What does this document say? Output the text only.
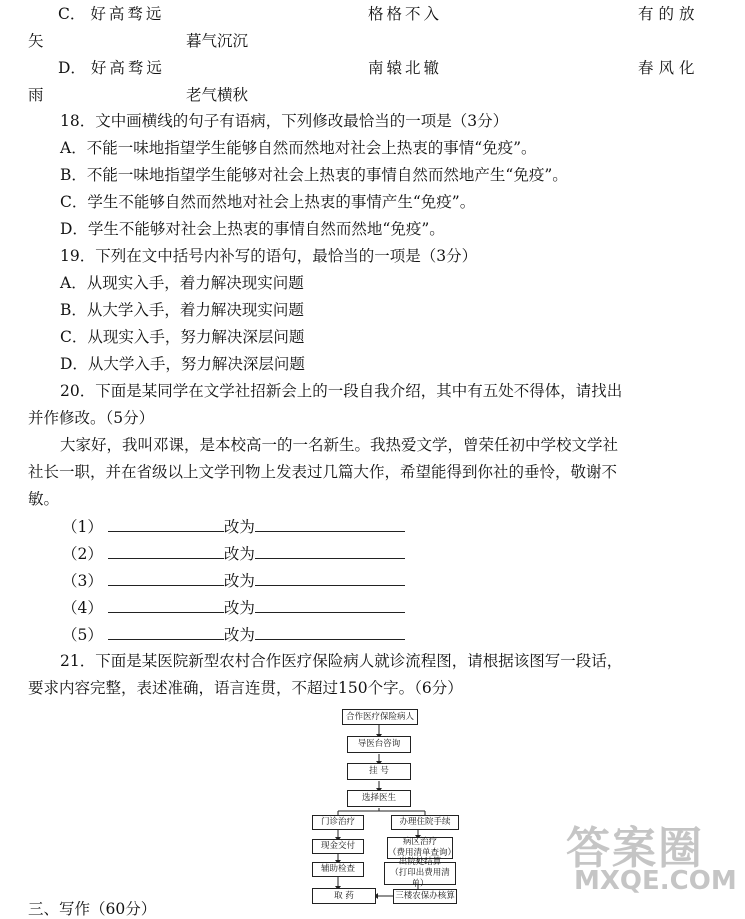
C． 好高骛远	格格不入	有的放
矢	暮气沉沉
D． 好高骛远	南辕北辙	春风化
雨	老气横秋
18．文中画横线的句子有语病，下列修改最恰当的一项是（3分）
A．不能一味地指望学生能够自然而然地对社会上热衷的事情“免疫”。
B．不能一味地指望学生能够对社会上热衷的事情自然而然地产生“免疫”。
C．学生不能够自然而然地对社会上热衷的事情产生“免疫”。
D．学生不能够对社会上热衷的事情自然而然地“免疫”。
19．下列在文中括号内补写的语句，最恰当的一项是（3分）
A．从现实入手，着力解决现实问题
B．从大学入手，着力解决现实问题
C．从现实入手，努力解决深层问题
D．从大学入手，努力解决深层问题
20．下面是某同学在文学社招新会上的一段自我介绍，其中有五处不得体，请找出
并作修改。（5分）
大家好，我叫邓课，是本校高一的一名新生。我热爱文学，曾荣任初中学校文学社
社长一职，并在省级以上文学刊物上发表过几篇大作，希望能得到你社的垂怜，敬谢不
敏。
（1）	改为
（2）	改为
（3）	改为
（4）	改为
（5）	改为
21．下面是某医院新型农村合作医疗保险病人就诊流程图，请根据该图写一段话，
要求内容完整，表述准确，语言连贯，不超过150个字。（6分）
合作医疗保险病人
导医台咨询
挂 号
选择医生
门诊治疗
现金交付
辅助检查
取 药
办理住院手续
病区治疗
（费用清单查询）
出院处结算
（打印出费用清单）
三楼农保办核算
三、写作（60分）
答案圈
MXQE.COM
